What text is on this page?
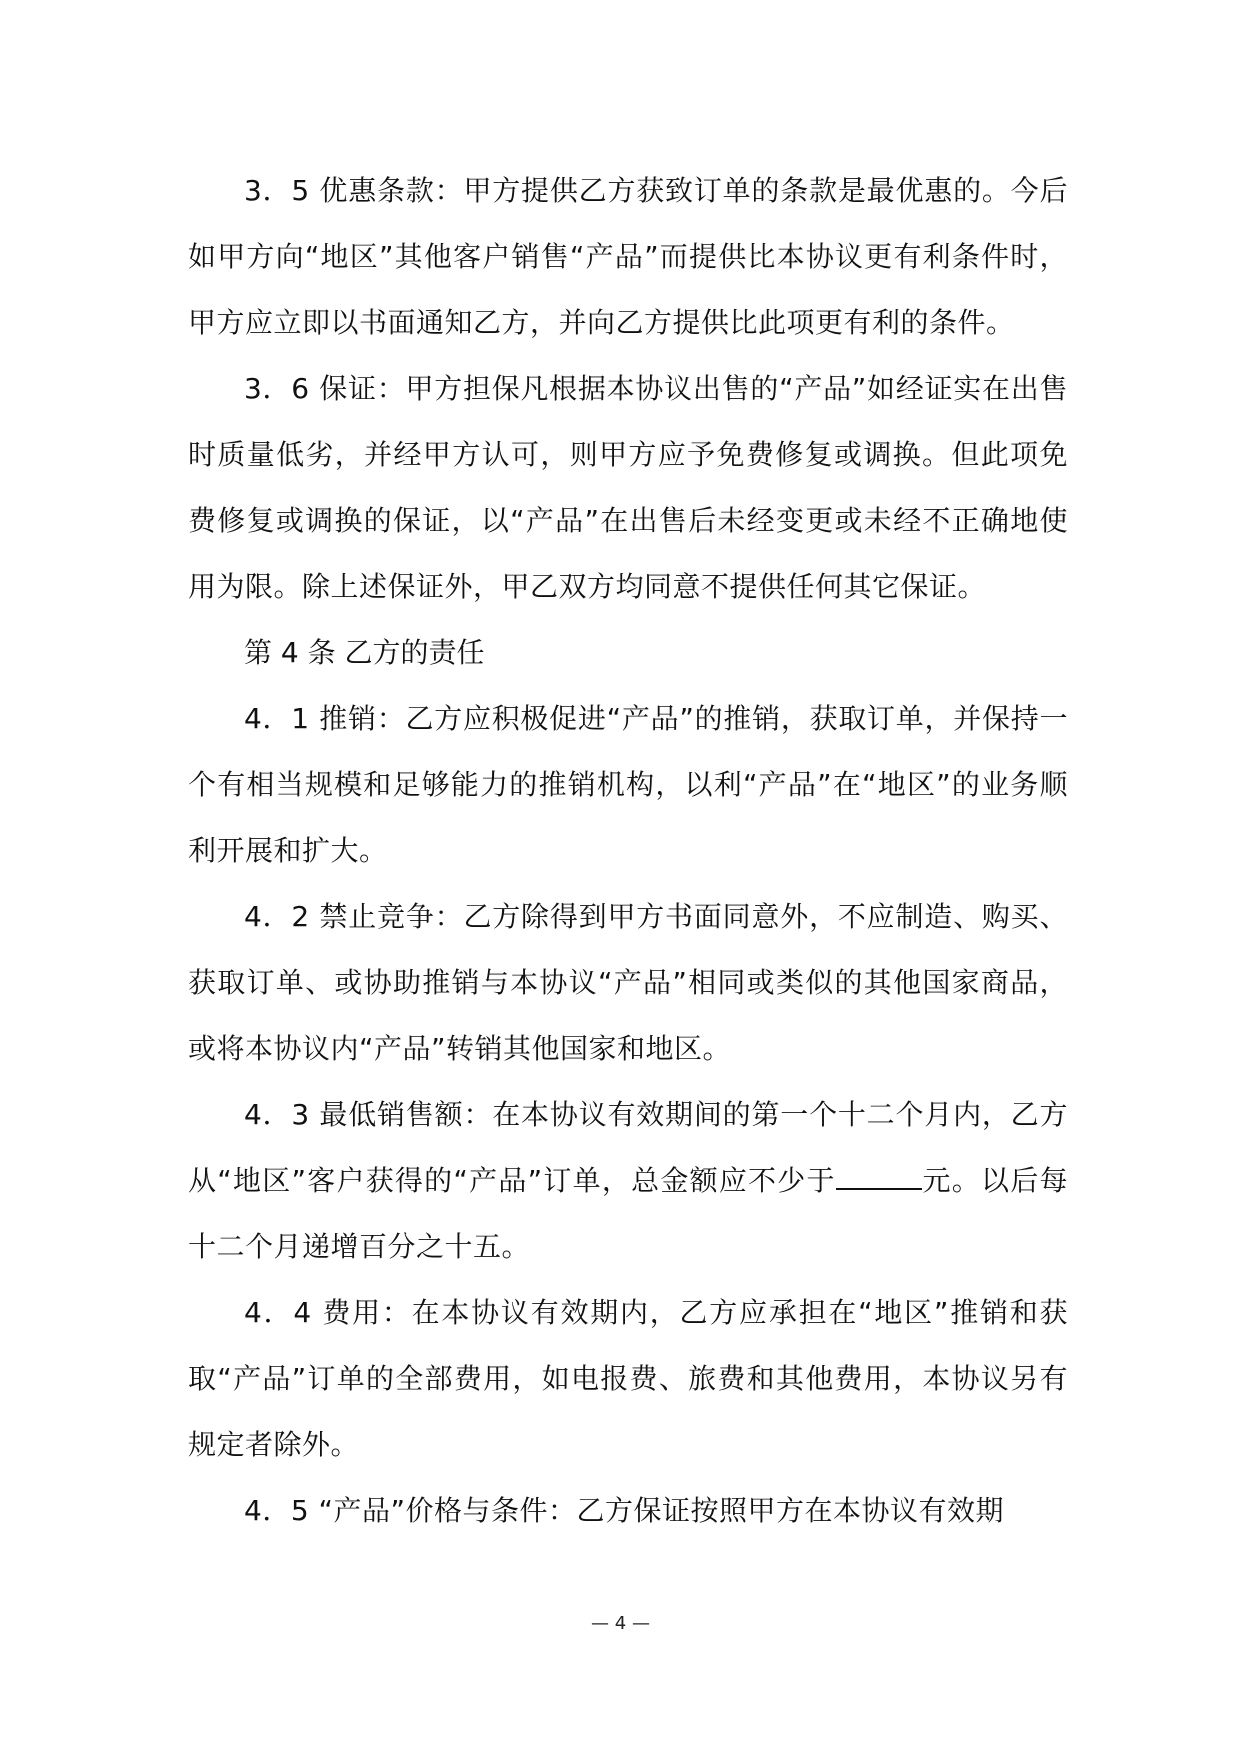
3．5 优惠条款：甲方提供乙方获致订单的条款是最优惠的。今后如甲方向“地区”其他客户销售“产品”而提供比本协议更有利条件时，甲方应立即以书面通知乙方，并向乙方提供比此项更有利的条件。

3．6 保证：甲方担保凡根据本协议出售的“产品”如经证实在出售时质量低劣，并经甲方认可，则甲方应予免费修复或调换。但此项免费修复或调换的保证，以“产品”在出售后未经变更或未经不正确地使用为限。除上述保证外，甲乙双方均同意不提供任何其它保证。

第 4 条 乙方的责任

4．1 推销：乙方应积极促进“产品”的推销，获取订单，并保持一个有相当规模和足够能力的推销机构，以利“产品”在“地区”的业务顺利开展和扩大。

4．2 禁止竞争：乙方除得到甲方书面同意外，不应制造、购买、获取订单、或协助推销与本协议“产品”相同或类似的其他国家商品，或将本协议内“产品”转销其他国家和地区。

4．3 最低销售额：在本协议有效期间的第一个十二个月内，乙方从“地区”客户获得的“产品”订单，总金额应不少于	元。以后每十二个月递增百分之十五。

4．4 费用：在本协议有效期内，乙方应承担在“地区”推销和获取“产品”订单的全部费用，如电报费、旅费和其他费用，本协议另有规定者除外。

4．5 “产品”价格与条件：乙方保证按照甲方在本协议有效期

— 4 —
